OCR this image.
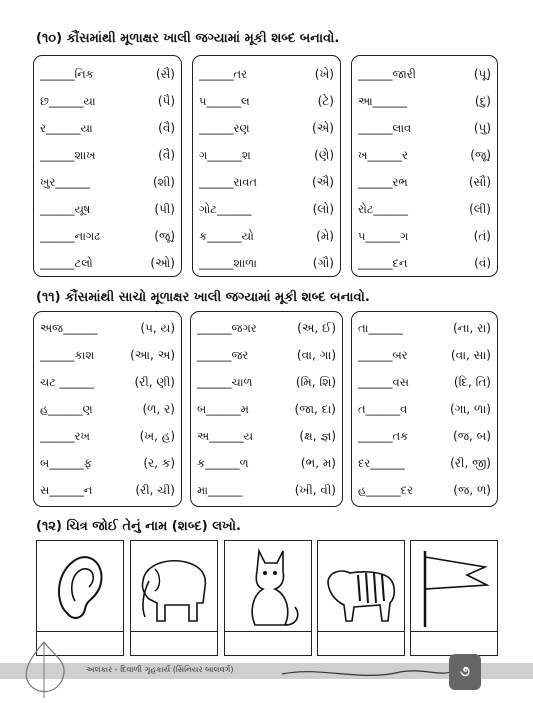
(૧૦) કૌંસમાંથી મૂળાક્ષર ખાલી જગ્યામાં મૂકી શબ્દ બનાવો.
______નિક	(સૈ)
છ______યા	(પૈ)
ર______યા	(વૈ)
______શાખ	(વૈ)
ખુર______	(શી)
______યૂષ	(પી)
______નાગઢ	(જૂ)
______ટલો	(ઓ)
______તર	(ખે)
પ______લ	(ટે)
______રણ	(એ)
ગ______શ	(ણે)
______રાવત	(ઐ)
ગોટ______	(લો)
ક______યો	(મે)
______શાળા	(ગૌ)
______જારી	(પૂ)
આ______	(દુ)
______લાવ	(પુ)
ખ______ર	(જૂ)
______રભ	(સૌ)
રોટ______	(લી)
પ______ગ	(તં)
______દન	(વં)
(૧૧) કૌંસમાંથી સાચો મૂળાક્ષર ખાલી જગ્યામાં મૂકી શબ્દ બનાવો.
અજ______	(પ, ય)
______કાશ	(આ, અ)
ચટ ______	(રી, ણી)
હ______ણ	(ળ, ર)
______રખ	(ખ, હ)
બ______ફ	(ર, ક)
સ______ન	(રી, ચી)
______જગર	(અ, ઈ)
______જર	(વા, ગા)
______ચાળ	(મિ, શિ)
બ______મ	(જા, દા)
અ______ય	(ક્ષ, જ્ઞ)
ક______ળ	(ભ, મ)
મા______	(ખી, વી)
તા______	(ના, રા)
______બર	(વા, સા)
______વસ	(દિ, તિ)
ત______વ	(ગા, ળા)
______તક	(જ, બ)
દર______	(રી, જી)
હ______દર	(જ, ળ)
(૧૨) ચિત્ર જોઈ તેનું નામ (શબ્દ) લખો.
અલંકાર - દિવાળી ગૃહકાર્ય (સિનિયર બાલવર્ગ)	૭
